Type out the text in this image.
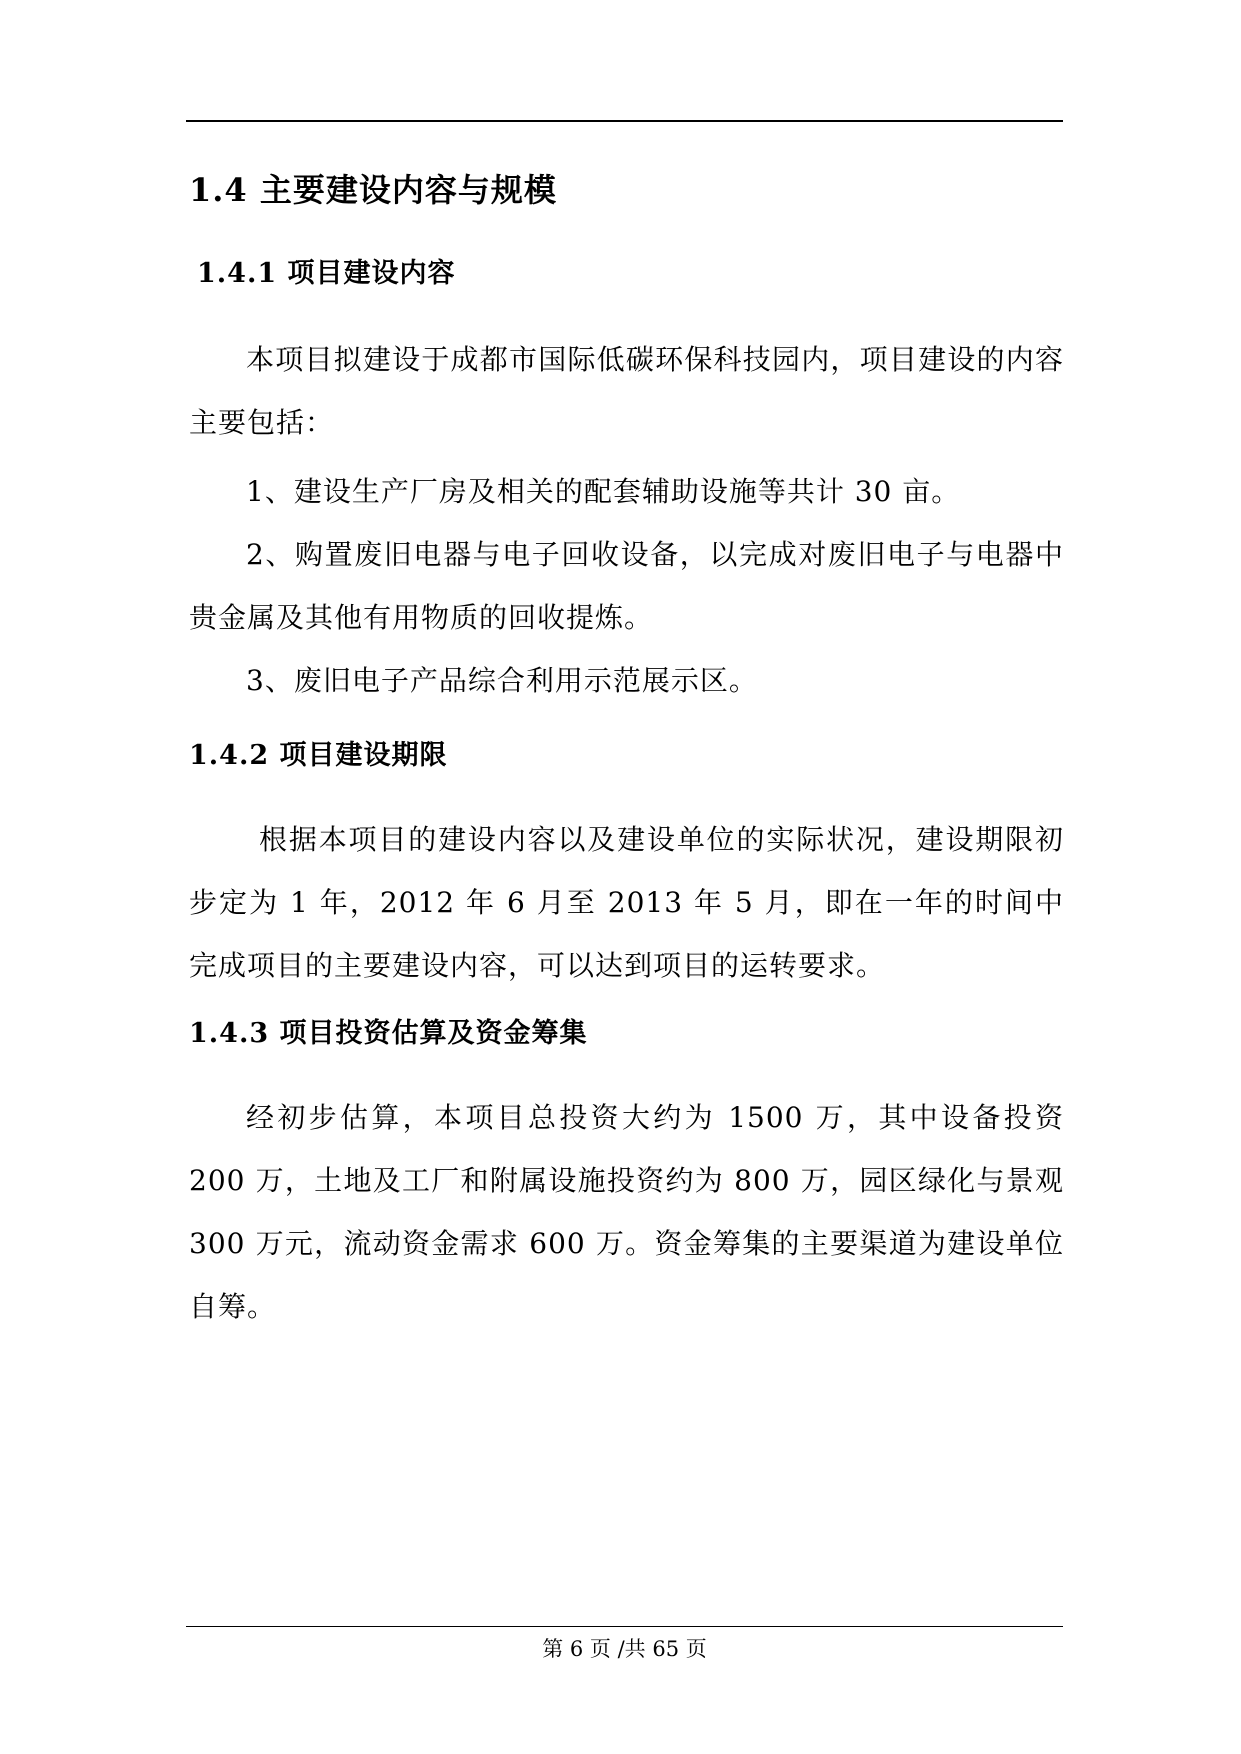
1.4 主要建设内容与规模
1.4.1 项目建设内容

本项目拟建设于成都市国际低碳环保科技园内，项目建设的内容主要包括：

1、建设生产厂房及相关的配套辅助设施等共计 30 亩。

2、购置废旧电器与电子回收设备，以完成对废旧电子与电器中贵金属及其他有用物质的回收提炼。

3、废旧电子产品综合利用示范展示区。

1.4.2 项目建设期限

根据本项目的建设内容以及建设单位的实际状况，建设期限初步定为 1 年，2012 年 6 月至 2013 年 5 月，即在一年的时间中完成项目的主要建设内容，可以达到项目的运转要求。

1.4.3 项目投资估算及资金筹集

经初步估算，本项目总投资大约为 1500 万，其中设备投资 200 万，土地及工厂和附属设施投资约为 800 万，园区绿化与景观 300 万元，流动资金需求 600 万。资金筹集的主要渠道为建设单位自筹。

第 6 页 /共 65 页
